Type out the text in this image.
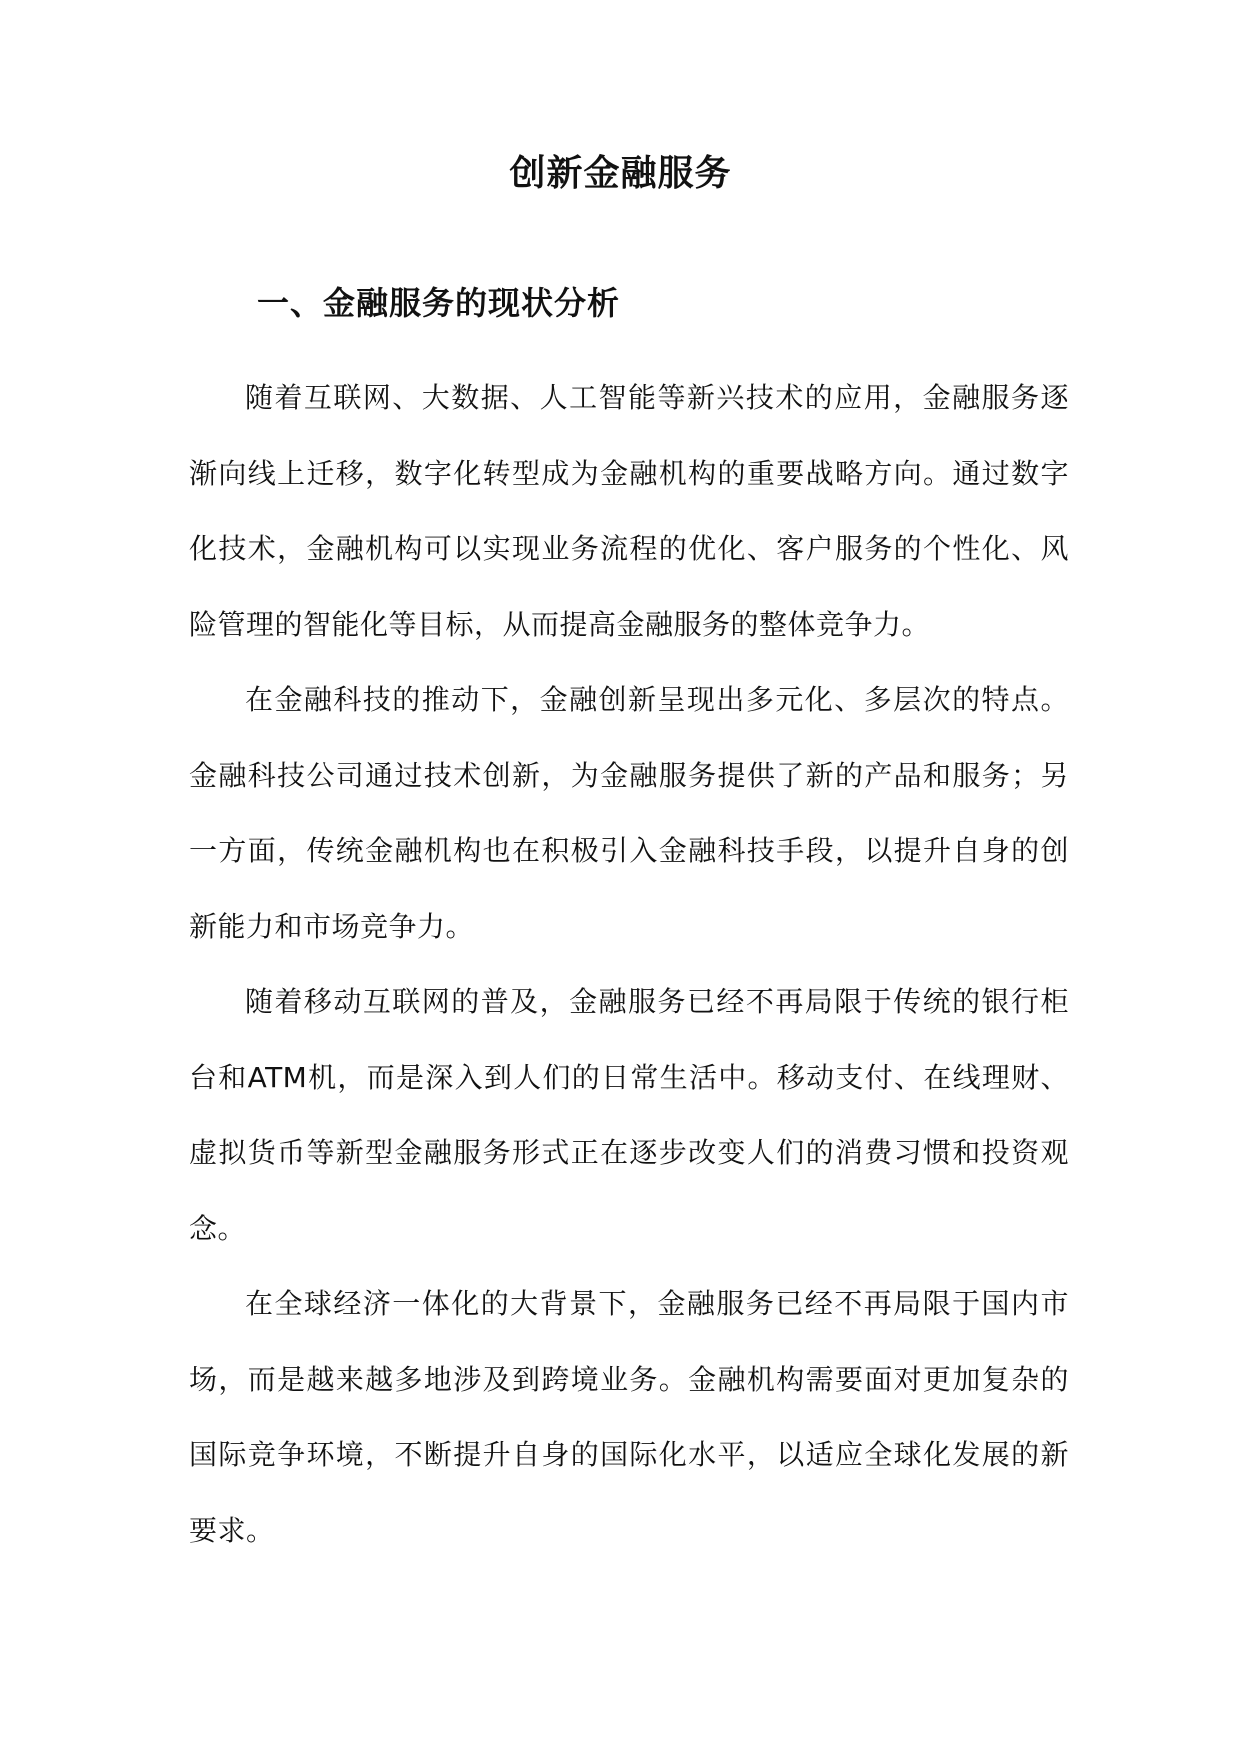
创新金融服务
一、金融服务的现状分析

随着互联网、大数据、人工智能等新兴技术的应用，金融服务逐渐向线上迁移，数字化转型成为金融机构的重要战略方向。通过数字化技术，金融机构可以实现业务流程的优化、客户服务的个性化、风险管理的智能化等目标，从而提高金融服务的整体竞争力。

在金融科技的推动下，金融创新呈现出多元化、多层次的特点。金融科技公司通过技术创新，为金融服务提供了新的产品和服务；另一方面，传统金融机构也在积极引入金融科技手段，以提升自身的创新能力和市场竞争力。

随着移动互联网的普及，金融服务已经不再局限于传统的银行柜台和ATM机，而是深入到人们的日常生活中。移动支付、在线理财、虚拟货币等新型金融服务形式正在逐步改变人们的消费习惯和投资观念。

在全球经济一体化的大背景下，金融服务已经不再局限于国内市场，而是越来越多地涉及到跨境业务。金融机构需要面对更加复杂的国际竞争环境，不断提升自身的国际化水平，以适应全球化发展的新要求。
